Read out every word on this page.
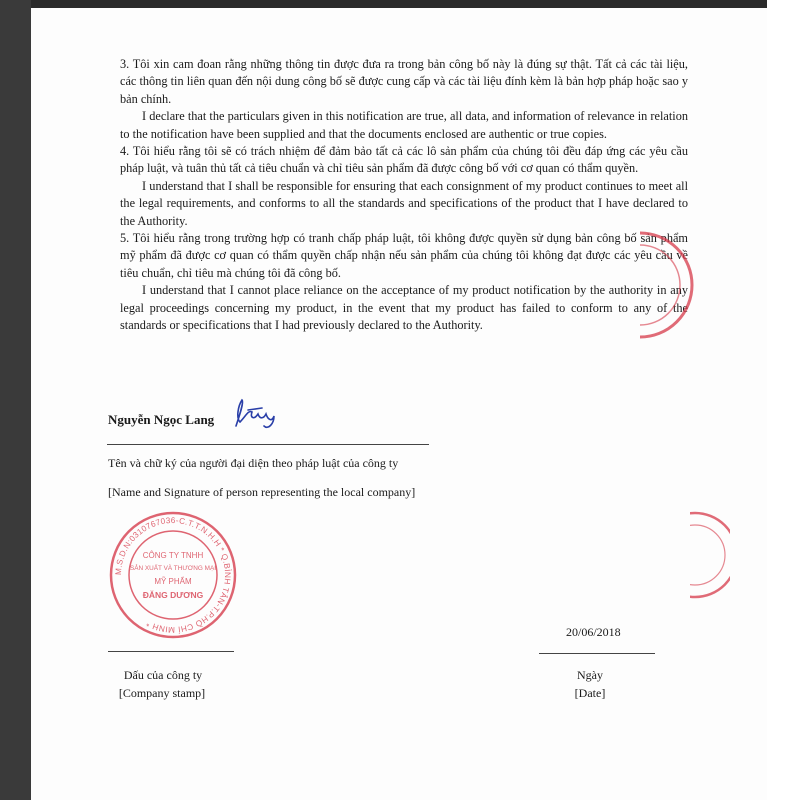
3. Tôi xin cam đoan rằng những thông tin được đưa ra trong bản công bố này là đúng sự thật. Tất cả các tài liệu, các thông tin liên quan đến nội dung công bố sẽ được cung cấp và các tài liệu đính kèm là bản hợp pháp hoặc sao y bản chính.

I declare that the particulars given in this notification are true, all data, and information of relevance in relation to the notification have been supplied and that the documents enclosed are authentic or true copies.

4. Tôi hiểu rằng tôi sẽ có trách nhiệm để đảm bảo tất cả các lô sản phẩm của chúng tôi đều đáp ứng các yêu cầu pháp luật, và tuân thủ tất cả tiêu chuẩn và chỉ tiêu sản phẩm đã được công bố với cơ quan có thẩm quyền.

I understand that I shall be responsible for ensuring that each consignment of my product continues to meet all the legal requirements, and conforms to all the standards and specifications of the product that I have declared to the Authority.

5. Tôi hiểu rằng trong trường hợp có tranh chấp pháp luật, tôi không được quyền sử dụng bản công bố sản phẩm mỹ phẩm đã được cơ quan có thẩm quyền chấp nhận nếu sản phẩm của chúng tôi không đạt được các yêu cầu về tiêu chuẩn, chỉ tiêu mà chúng tôi đã công bố.

I understand that I cannot place reliance on the acceptance of my product notification by the authority in any legal proceedings concerning my product, in the event that my product has failed to conform to any of the standards or specifications that I had previously declared to the Authority.

Nguyễn Ngọc Lang
Tên và chữ ký của người đại diện theo pháp luật của công ty
[Name and Signature of person representing the local company]
M.S.D.N:0310767036-C.T.T.N.H.H * Q.BÌNH TÂN-T.P.HỒ CHÍ MINH *
CÔNG TY TNHH
SẢN XUẤT VÀ THƯƠNG MẠI
MỸ PHẨM
ĐĂNG DƯƠNG
20/06/2018
Dấu của công ty
[Company stamp]
Ngày
[Date]
